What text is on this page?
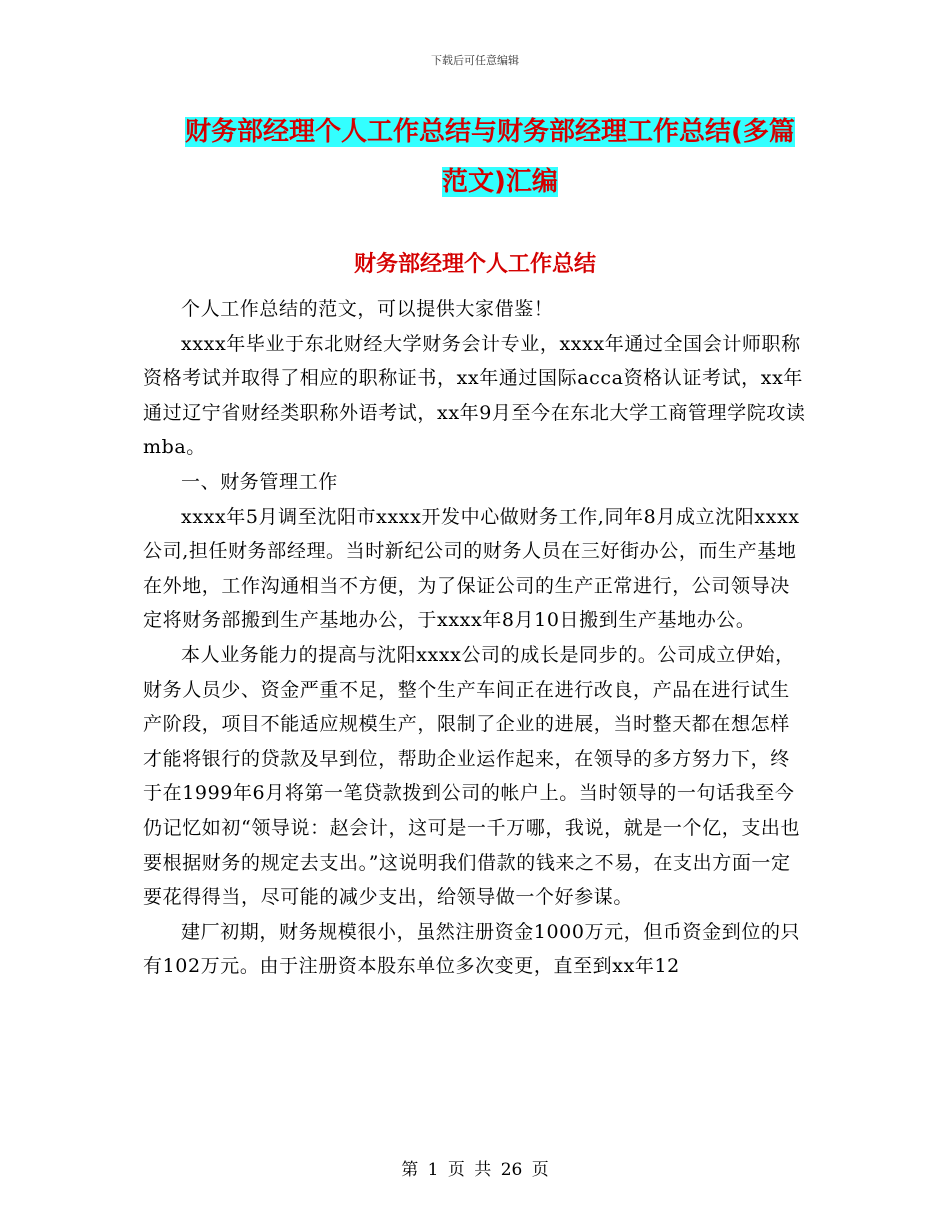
下载后可任意编辑
财务部经理个人工作总结与财务部经理工作总结(多篇
范文)汇编
财务部经理个人工作总结

个人工作总结的范文，可以提供大家借鉴！

xxxx年毕业于东北财经大学财务会计专业，xxxx年通过全国会计师职称资格考试并取得了相应的职称证书，xx年通过国际acca资格认证考试，xx年通过辽宁省财经类职称外语考试，xx年9月至今在东北大学工商管理学院攻读mba。

一、财务管理工作

xxxx年5月调至沈阳市xxxx开发中心做财务工作,同年8月成立沈阳xxxx公司,担任财务部经理。当时新纪公司的财务人员在三好街办公，而生产基地在外地，工作沟通相当不方便，为了保证公司的生产正常进行，公司领导决定将财务部搬到生产基地办公，于xxxx年8月10日搬到生产基地办公。

本人业务能力的提高与沈阳xxxx公司的成长是同步的。公司成立伊始，财务人员少、资金严重不足，整个生产车间正在进行改良，产品在进行试生产阶段，项目不能适应规模生产，限制了企业的进展，当时整天都在想怎样才能将银行的贷款及早到位，帮助企业运作起来，在领导的多方努力下，终于在1999年6月将第一笔贷款拨到公司的帐户上。当时领导的一句话我至今仍记忆如初“领导说：赵会计，这可是一千万哪，我说，就是一个亿，支出也要根据财务的规定去支出。”这说明我们借款的钱来之不易，在支出方面一定要花得得当，尽可能的减少支出，给领导做一个好参谋。

建厂初期，财务规模很小，虽然注册资金1000万元，但币资金到位的只有102万元。由于注册资本股东单位多次变更，直至到xx年12

第 1 页 共 26 页
